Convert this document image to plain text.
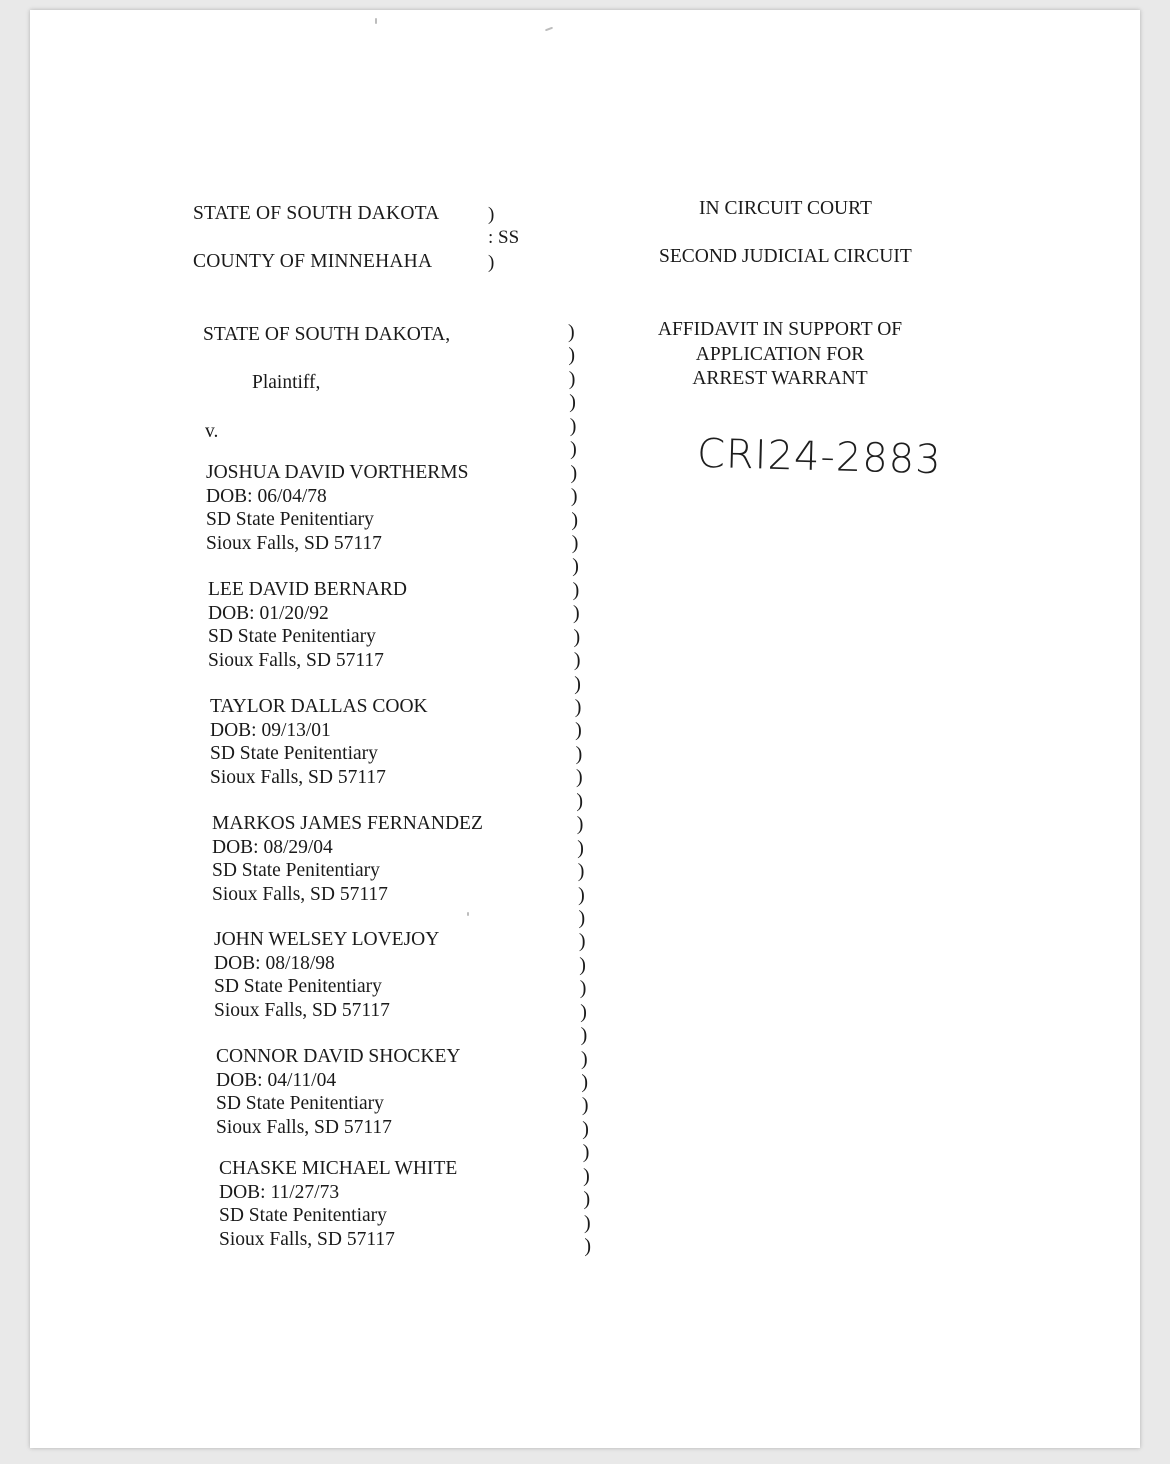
STATE OF SOUTH DAKOTA
COUNTY OF MINNEHAHA
)
: SS
)
IN CIRCUIT COURT
SECOND JUDICIAL CIRCUIT
STATE OF SOUTH DAKOTA,
Plaintiff,
v.
JOSHUA DAVID VORTHERMS
DOB: 06/04/78
SD State Penitentiary
Sioux Falls, SD 57117
LEE DAVID BERNARD
DOB: 01/20/92
SD State Penitentiary
Sioux Falls, SD 57117
TAYLOR DALLAS COOK
DOB: 09/13/01
SD State Penitentiary
Sioux Falls, SD 57117
MARKOS JAMES FERNANDEZ
DOB: 08/29/04
SD State Penitentiary
Sioux Falls, SD 57117
JOHN WELSEY LOVEJOY
DOB: 08/18/98
SD State Penitentiary
Sioux Falls, SD 57117
CONNOR DAVID SHOCKEY
DOB: 04/11/04
SD State Penitentiary
Sioux Falls, SD 57117
CHASKE MICHAEL WHITE
DOB: 11/27/73
SD State Penitentiary
Sioux Falls, SD 57117
)
)
)
)
)
)
)
)
)
)
)
)
)
)
)
)
)
)
)
)
)
)
)
)
)
)
)
)
)
)
)
)
)
)
)
)
)
)
)
)
AFFIDAVIT IN SUPPORT OF
APPLICATION FOR
ARREST WARRANT
CRI24-2883
